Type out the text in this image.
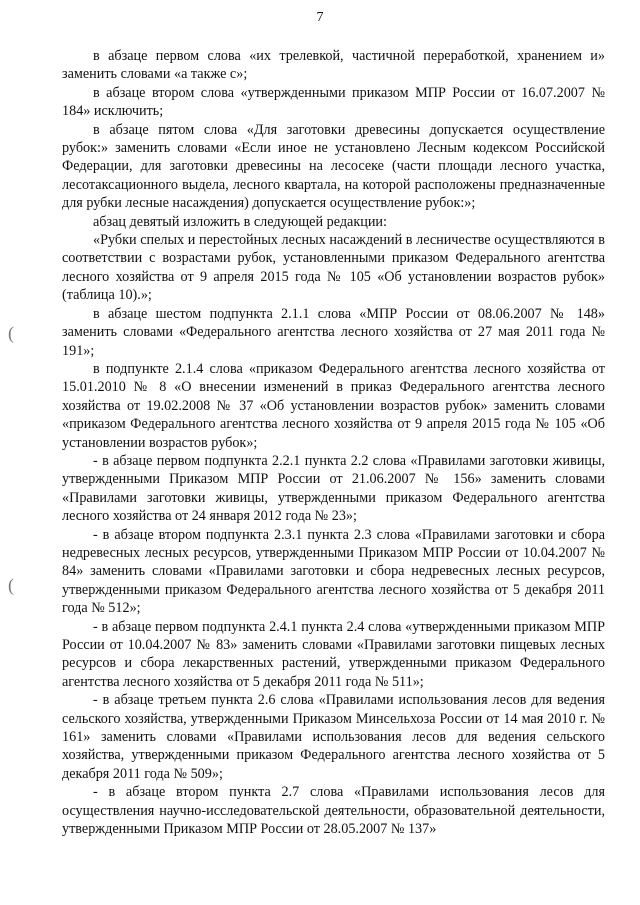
7
(
(

в абзаце первом слова «их трелевкой, частичной переработкой, хранением и» заменить словами «а также с»;

в абзаце втором слова «утвержденными приказом МПР России от 16.07.2007 № 184» исключить;

в абзаце пятом слова «Для заготовки древесины допускается осуществление рубок:» заменить словами «Если иное не установлено Лесным кодексом Российской Федерации, для заготовки древесины на лесосеке (части площади лесного участка, лесотаксационного выдела, лесного квартала, на которой расположены предназначенные для рубки лесные насаждения) допускается осуществление рубок:»;

абзац девятый изложить в следующей редакции:

«Рубки спелых и перестойных лесных насаждений в лесничестве осуществляются в соответствии с возрастами рубок, установленными приказом Федерального агентства лесного хозяйства от 9 апреля 2015 года № 105 «Об установлении возрастов рубок» (таблица 10).»;

в абзаце шестом подпункта 2.1.1 слова «МПР России от 08.06.2007 № 148» заменить словами «Федерального агентства лесного хозяйства от 27 мая 2011 года № 191»;

в подпункте 2.1.4 слова «приказом Федерального агентства лесного хозяйства от 15.01.2010 № 8 «О внесении изменений в приказ Федерального агентства лесного хозяйства от 19.02.2008 № 37 «Об установлении возрастов рубок» заменить словами «приказом Федерального агентства лесного хозяйства от 9 апреля 2015 года № 105 «Об установлении возрастов рубок»;

- в абзаце первом подпункта 2.2.1 пункта 2.2 слова «Правилами заготовки живицы, утвержденными Приказом МПР России от 21.06.2007 № 156» заменить словами «Правилами заготовки живицы, утвержденными приказом Федерального агентства лесного хозяйства от 24 января 2012 года № 23»;

- в абзаце втором подпункта 2.3.1 пункта 2.3 слова «Правилами заготовки и сбора недревесных лесных ресурсов, утвержденными Приказом МПР России от 10.04.2007 № 84» заменить словами «Правилами заготовки и сбора недревесных лесных ресурсов, утвержденными приказом Федерального агентства лесного хозяйства от 5 декабря 2011 года № 512»;

- в абзаце первом подпункта 2.4.1 пункта 2.4 слова «утвержденными приказом МПР России от 10.04.2007 № 83» заменить словами «Правилами заготовки пищевых лесных ресурсов и сбора лекарственных растений, утвержденными приказом Федерального агентства лесного хозяйства от 5 декабря 2011 года № 511»;

- в абзаце третьем пункта 2.6 слова «Правилами использования лесов для ведения сельского хозяйства, утвержденными Приказом Минсельхоза России от 14 мая 2010 г. № 161» заменить словами «Правилами использования лесов для ведения сельского хозяйства, утвержденными приказом Федерального агентства лесного хозяйства от 5 декабря 2011 года № 509»;

- в абзаце втором пункта 2.7 слова «Правилами использования лесов для осуществления научно-исследовательской деятельности, образовательной деятельности, утвержденными Приказом МПР России от 28.05.2007 № 137»
